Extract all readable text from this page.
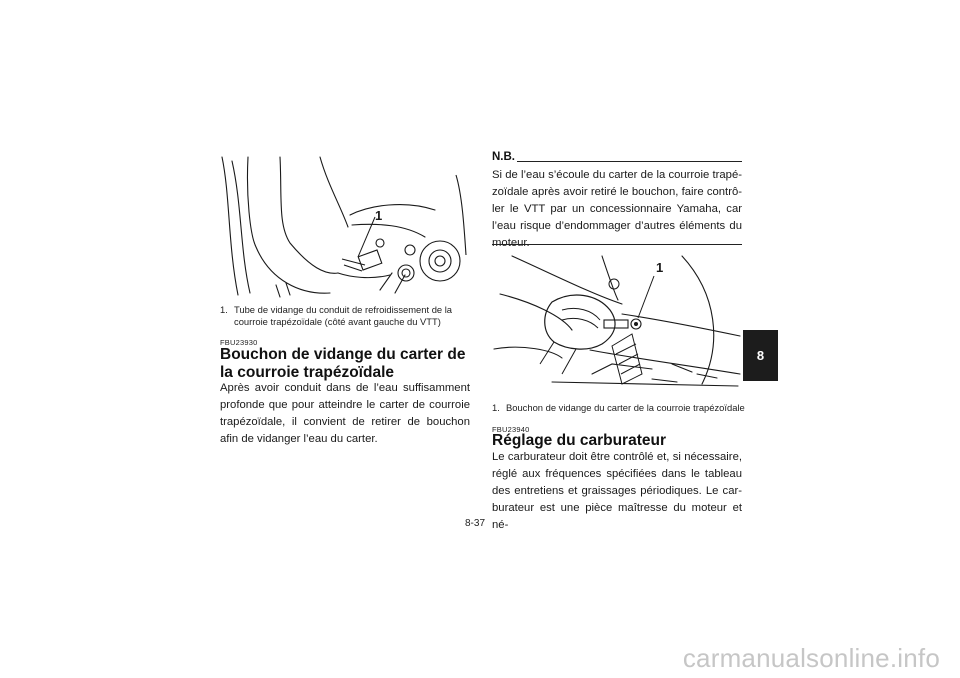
1
1. Tube de vidange du conduit de refroidissement de la courroie trapézoïdale (côté avant gauche du VTT)
FBU23930
Bouchon de vidange du carter de la courroie trapézoïdale
Après avoir conduit dans de l’eau suffisamment profonde que pour atteindre le carter de courroie trapézoïdale, il convient de retirer de bouchon afin de vidanger l’eau du carter.
N.B.
Si de l’eau s’écoule du carter de la courroie trapé-zoïdale après avoir retiré le bouchon, faire contrô-ler le VTT par un concessionnaire Yamaha, car l’eau risque d’endommager d’autres éléments du moteur.
1
1. Bouchon de vidange du carter de la courroie trapézoïdale
FBU23940
Réglage du carburateur
Le carburateur doit être contrôlé et, si nécessaire, réglé aux fréquences spécifiées dans le tableau des entretiens et graissages périodiques. Le car-burateur est une pièce maîtresse du moteur et né-
8
8-37
carmanualsonline.info
